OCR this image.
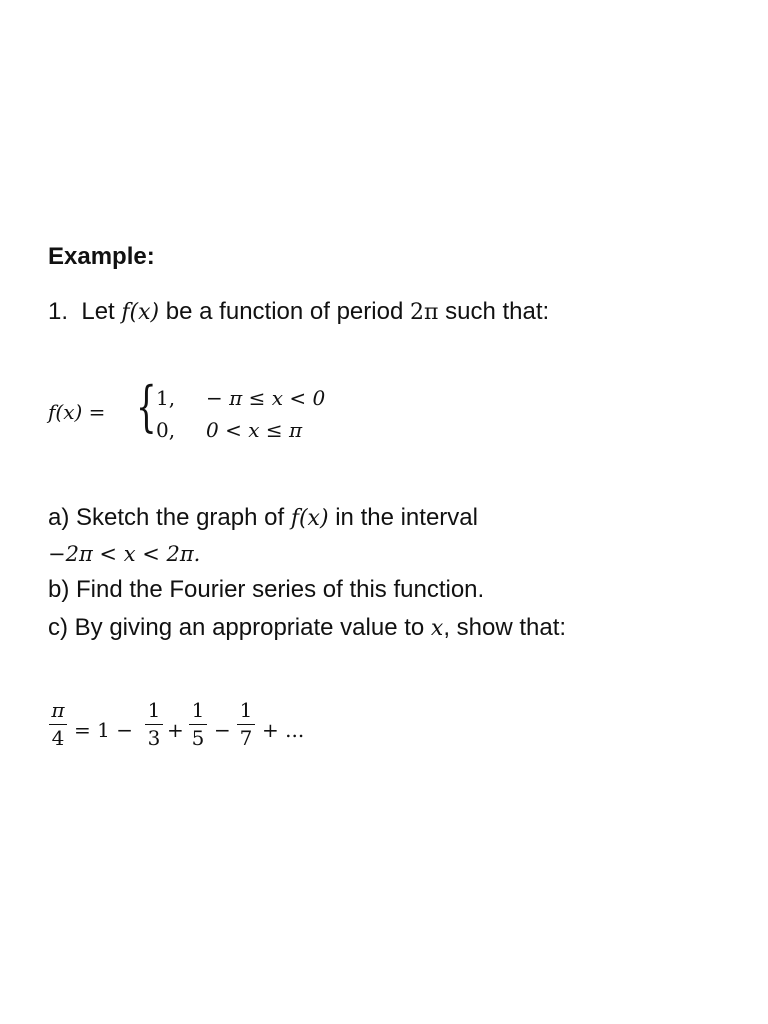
Example:
1. Let f(x) be a function of period 2π such that:
f(x) = { 1, − π ≤ x < 0
0, 0 < x ≤ π
a) Sketch the graph of f(x) in the interval
−2π < x < 2π.
b) Find the Fourier series of this function.
c) By giving an appropriate value to x, show that:
π
4 = 1 −
1
3 +
1
5 −
1
7 + ...
